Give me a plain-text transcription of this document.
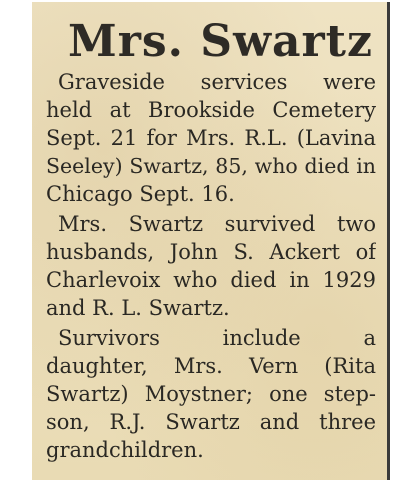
Mrs. Swartz

Graveside services were

held at Brookside Cemetery

Sept. 21 for Mrs. R.L. (Lavina

Seeley) Swartz, 85, who died in

Chicago Sept. 16.

Mrs. Swartz survived two

husbands, John S. Ackert of

Charlevoix who died in 1929

and R. L. Swartz.

Survivors include a

daughter, Mrs. Vern (Rita

Swartz) Moystner; one step-

son, R.J. Swartz and three

grandchildren.
